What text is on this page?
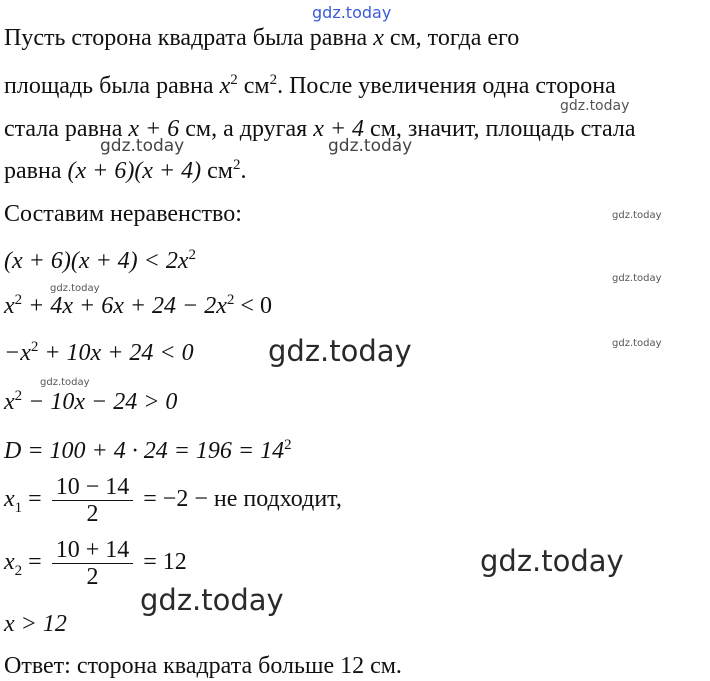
gdz.today
gdz.today
gdz.today	gdz.today
gdz.today
gdz.today
gdz.today
gdz.today
gdz.today
gdz.today
gdz.today
gdz.today
Пусть сторона квадрата была равна x см, тогда его
площадь была равна $x^2$ $см^2$. После увеличения одна сторона
стала равна x + 6 см, а другая x + 4 см, значит, площадь стала
равна (x + 6)(x + 4) $см^2$.
Составим неравенство:
$(x + 6)(x + 4) < 2x^2$
$x^2 + 4x + 6x + 24 - 2x^2 < 0$
$-x^2 + 10x + 24 < 0$
$x^2 - 10x - 24 > 0$
$D = 100 + 4 \cdot 24 = 196 = 14^2$
$x_1 = \frac{10 - 14}{2} = -2$ − не подходит,
$x_2 = \frac{10 + 14}{2} = 12$
x > 12
Ответ: сторона квадрата больше 12 см.
